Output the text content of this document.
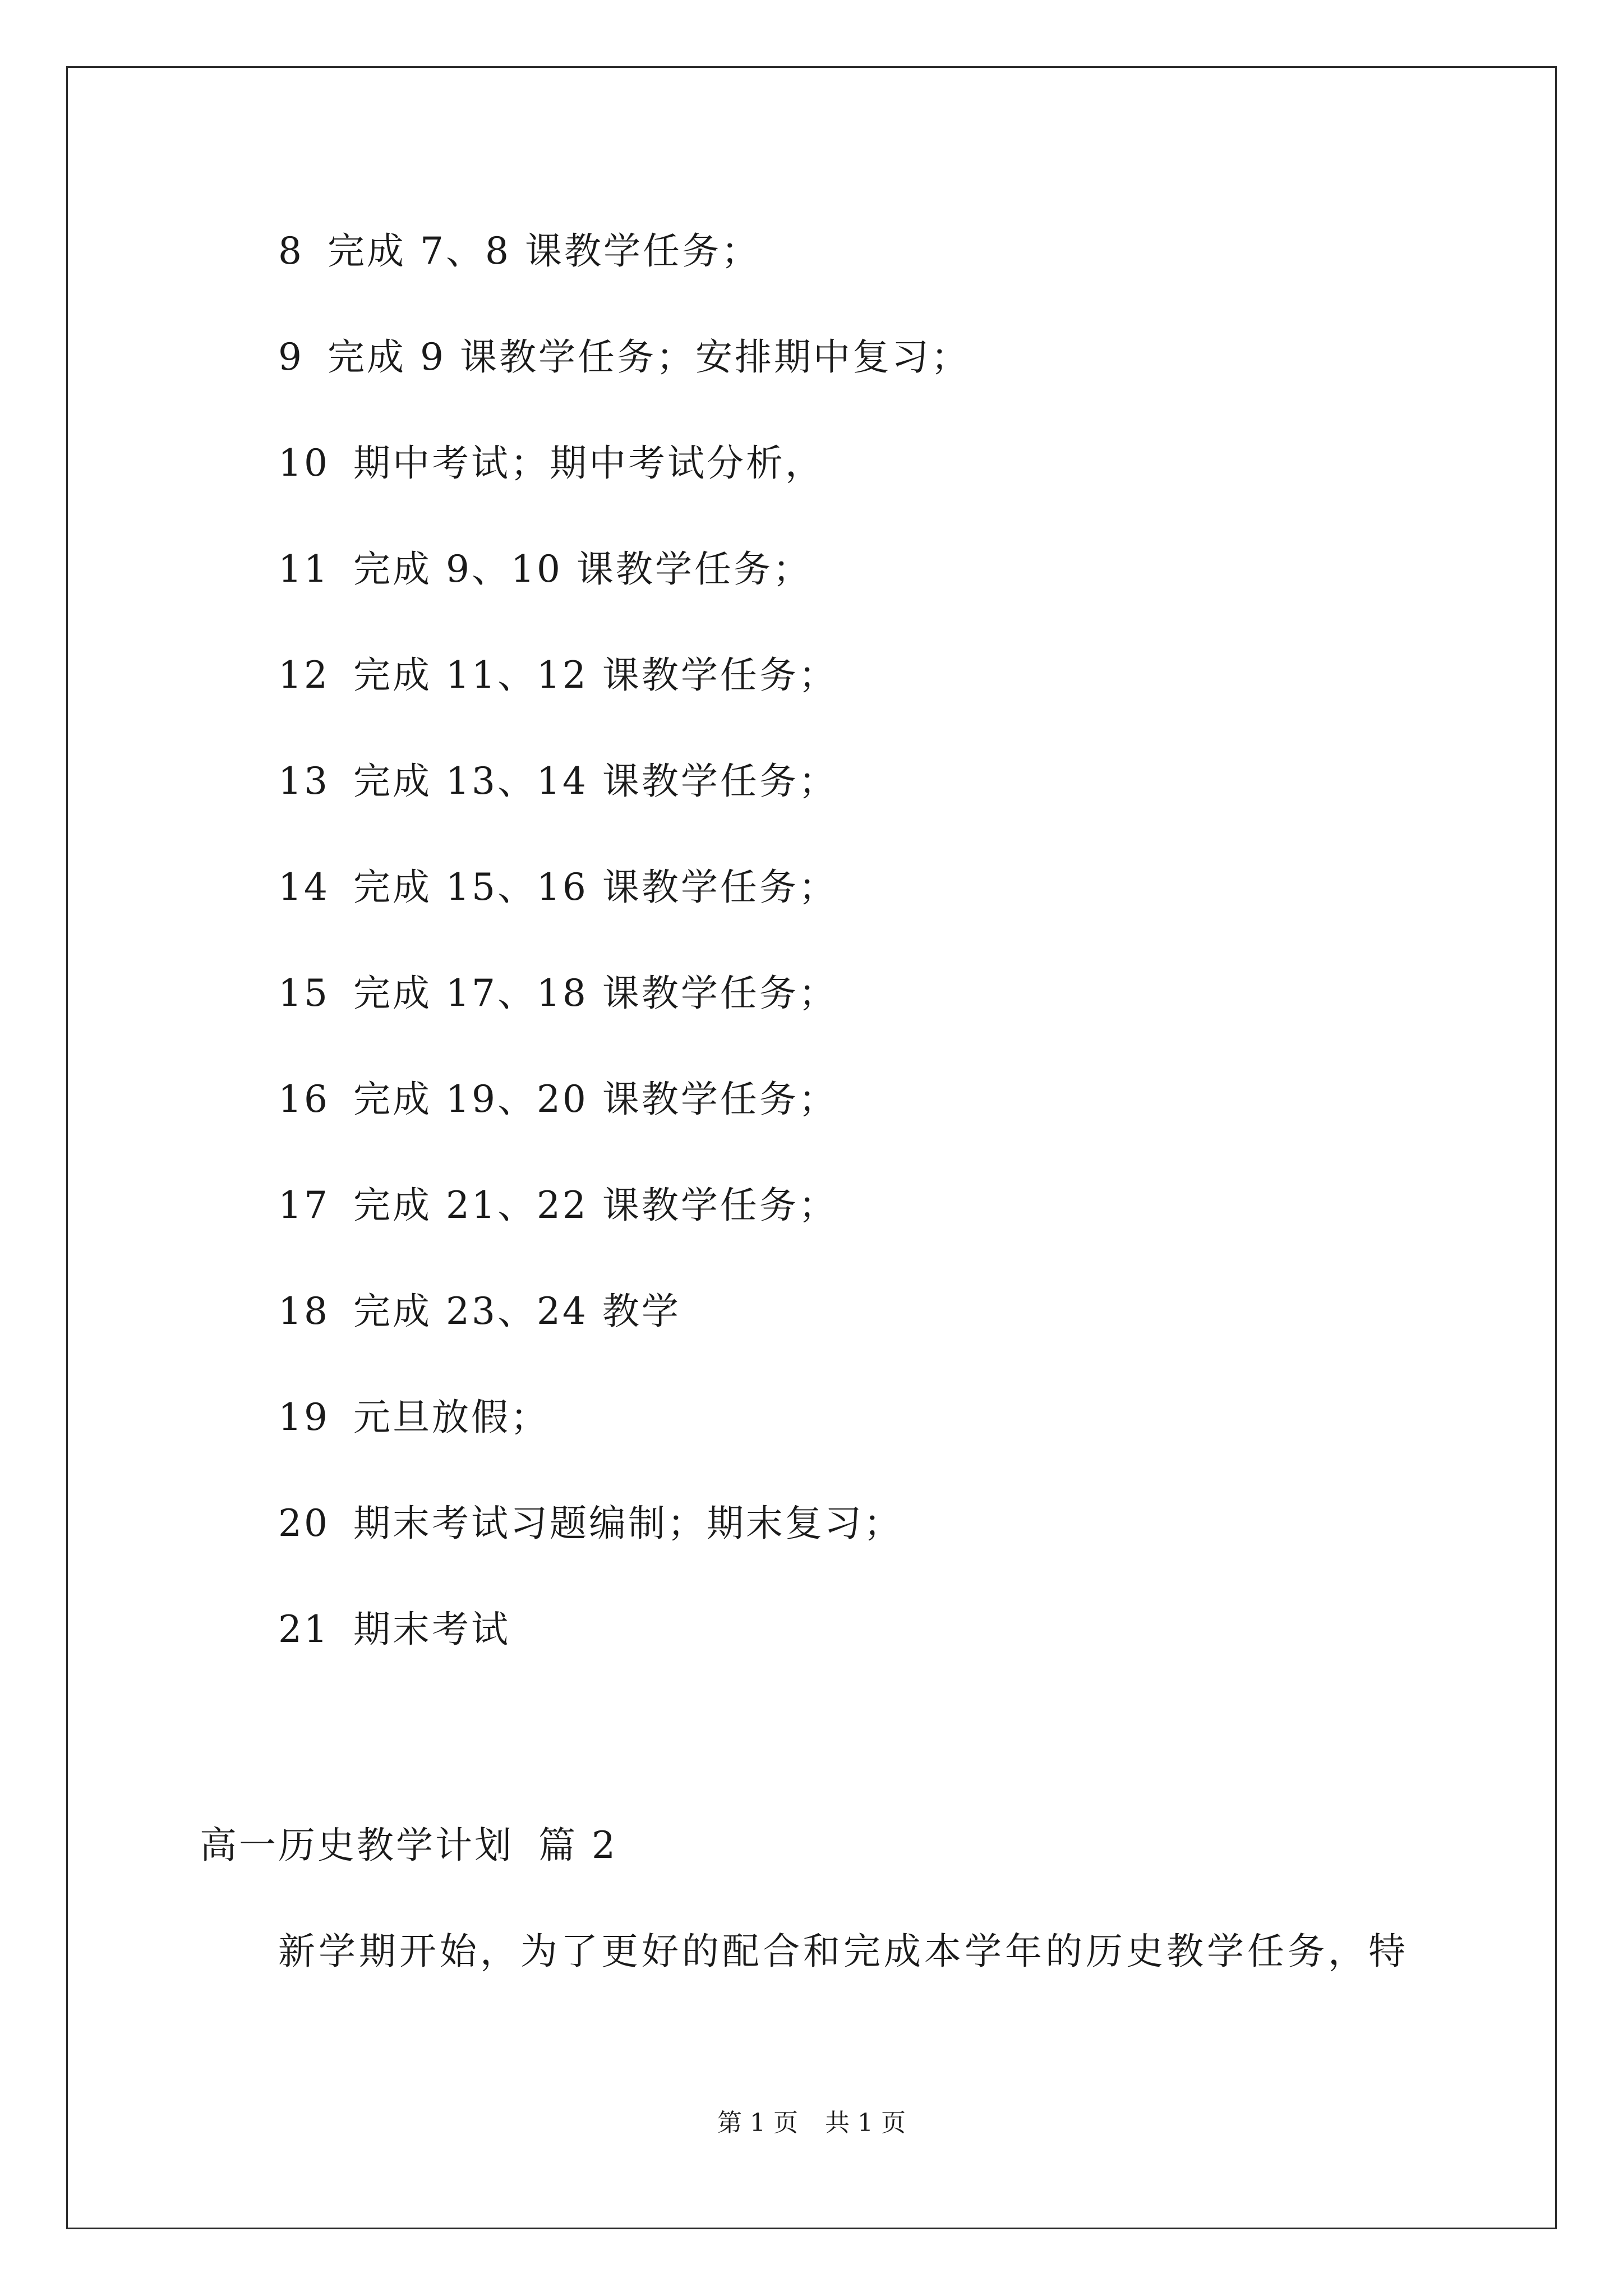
8 完成 7、8 课教学任务；
9 完成 9 课教学任务；安排期中复习；
10 期中考试；期中考试分析，
11 完成 9、10 课教学任务；
12 完成 11、12 课教学任务；
13 完成 13、14 课教学任务；
14 完成 15、16 课教学任务；
15 完成 17、18 课教学任务；
16 完成 19、20 课教学任务；
17 完成 21、22 课教学任务；
18 完成 23、24 教学
19 元旦放假；
20 期末考试习题编制；期末复习；
21 期末考试
高一历史教学计划 篇 2

新学期开始，为了更好的配合和完成本学年的历史教学任务，特

第 1 页 共 1 页
